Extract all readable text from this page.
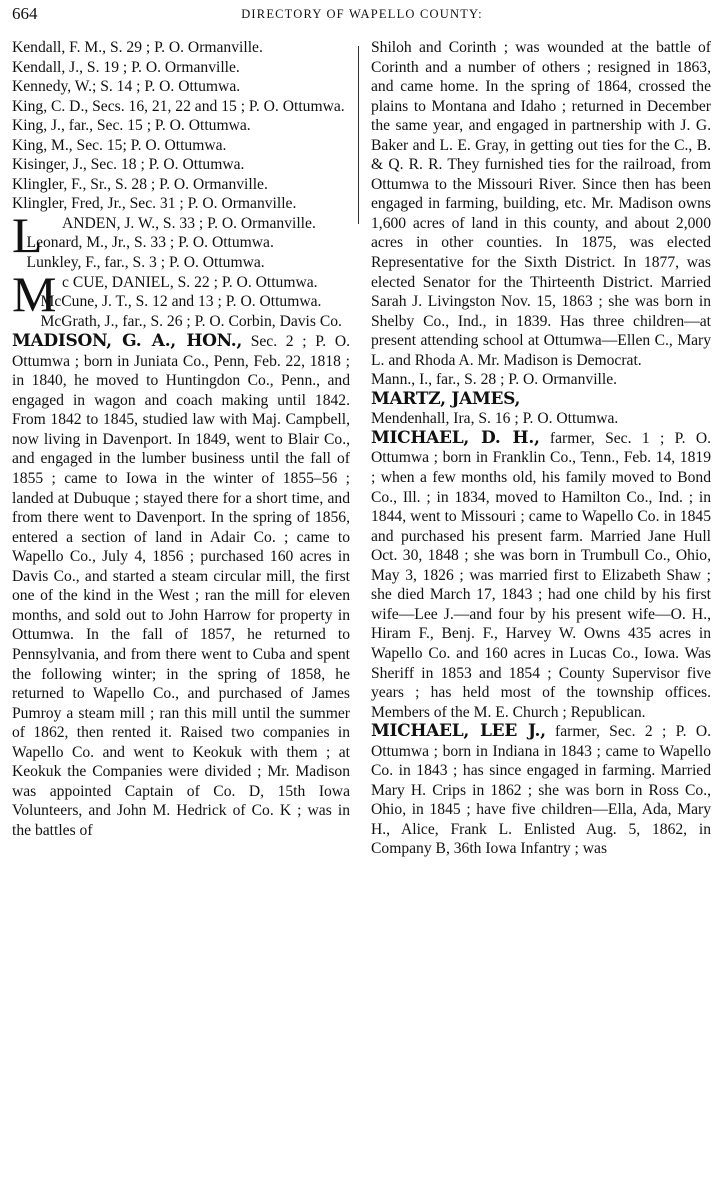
664	DIRECTORY OF WAPELLO COUNTY:

Kendall, F. M., S. 29 ; P. O. Ormanville.

Kendall, J., S. 19 ; P. O. Ormanville.

Kennedy, W.; S. 14 ; P. O. Ottumwa.

King, C. D., Secs. 16, 21, 22 and 15 ; P. O. Ottumwa.

King, J., far., Sec. 15 ; P. O. Ottumwa.

King, M., Sec. 15; P. O. Ottumwa.

Kisinger, J., Sec. 18 ; P. O. Ottumwa.

Klingler, F., Sr., S. 28 ; P. O. Ormanville.

Klingler, Fred, Jr., Sec. 31 ; P. O. Ormanville.

L	ANDEN, J. W., S. 33 ; P. O. Ormanville.

Leonard, M., Jr., S. 33 ; P. O. Ottumwa.

Lunkley, F., far., S. 3 ; P. O. Ottumwa.

M c CUE, DANIEL, S. 22 ; P. O. Ottumwa.

McCune, J. T., S. 12 and 13 ; P. O. Ottumwa.

McGrath, J., far., S. 26 ; P. O. Corbin, Davis Co.

MADISON, G. A., HON., Sec. 2 ; P. O. Ottumwa ; born in Juniata Co., Penn, Feb. 22, 1818 ; in 1840, he moved to Huntingdon Co., Penn., and engaged in wagon and coach making until 1842. From 1842 to 1845, studied law with Maj. Campbell, now living in Davenport. In 1849, went to Blair Co., and engaged in the lumber business until the fall of 1855 ; came to Iowa in the winter of 1855–56 ; landed at Dubuque ; stayed there for a short time, and from there went to Davenport. In the spring of 1856, entered a section of land in Adair Co. ; came to Wapello Co., July 4, 1856 ; purchased 160 acres in Davis Co., and started a steam circular mill, the first one of the kind in the West ; ran the mill for eleven months, and sold out to John Harrow for property in Ottumwa. In the fall of 1857, he returned to Pennsylvania, and from there went to Cuba and spent the following winter; in the spring of 1858, he returned to Wapello Co., and purchased of James Pumroy a steam mill ; ran this mill until the summer of 1862, then rented it. Raised two companies in Wapello Co. and went to Keokuk with them ; at Keokuk the Companies were divided ; Mr. Madison was appointed Captain of Co. D, 15th Iowa Volunteers, and John M. Hedrick of Co. K ; was in the battles of

Shiloh and Corinth ; was wounded at the battle of Corinth and a number of others ; resigned in 1863, and came home. In the spring of 1864, crossed the plains to Montana and Idaho ; returned in December the same year, and engaged in partnership with J. G. Baker and L. E. Gray, in getting out ties for the C., B. & Q. R. R. They furnished ties for the railroad, from Ottumwa to the Missouri River. Since then has been engaged in farming, building, etc. Mr. Madison owns 1,600 acres of land in this county, and about 2,000 acres in other counties. In 1875, was elected Representative for the Sixth District. In 1877, was elected Senator for the Thirteenth District. Married Sarah J. Livingston Nov. 15, 1863 ; she was born in Shelby Co., Ind., in 1839. Has three children—at present attending school at Ottumwa—Ellen C., Mary L. and Rhoda A. Mr. Madison is Democrat.

Mann., I., far., S. 28 ; P. O. Ormanville.

MARTZ, JAMES,

Mendenhall, Ira, S. 16 ; P. O. Ottumwa.

MICHAEL, D. H., farmer, Sec. 1 ; P. O. Ottumwa ; born in Franklin Co., Tenn., Feb. 14, 1819 ; when a few months old, his family moved to Bond Co., Ill. ; in 1834, moved to Hamilton Co., Ind. ; in 1844, went to Missouri ; came to Wapello Co. in 1845 and purchased his present farm. Married Jane Hull Oct. 30, 1848 ; she was born in Trumbull Co., Ohio, May 3, 1826 ; was married first to Elizabeth Shaw ; she died March 17, 1843 ; had one child by his first wife—Lee J.—and four by his present wife—O. H., Hiram F., Benj. F., Harvey W. Owns 435 acres in Wapello Co. and 160 acres in Lucas Co., Iowa. Was Sheriff in 1853 and 1854 ; County Supervisor five years ; has held most of the township offices. Members of the M. E. Church ; Republican.

MICHAEL, LEE J., farmer, Sec. 2 ; P. O. Ottumwa ; born in Indiana in 1843 ; came to Wapello Co. in 1843 ; has since engaged in farming. Married Mary H. Crips in 1862 ; she was born in Ross Co., Ohio, in 1845 ; have five children—Ella, Ada, Mary H., Alice, Frank L. Enlisted Aug. 5, 1862, in Company B, 36th Iowa Infantry ; was
